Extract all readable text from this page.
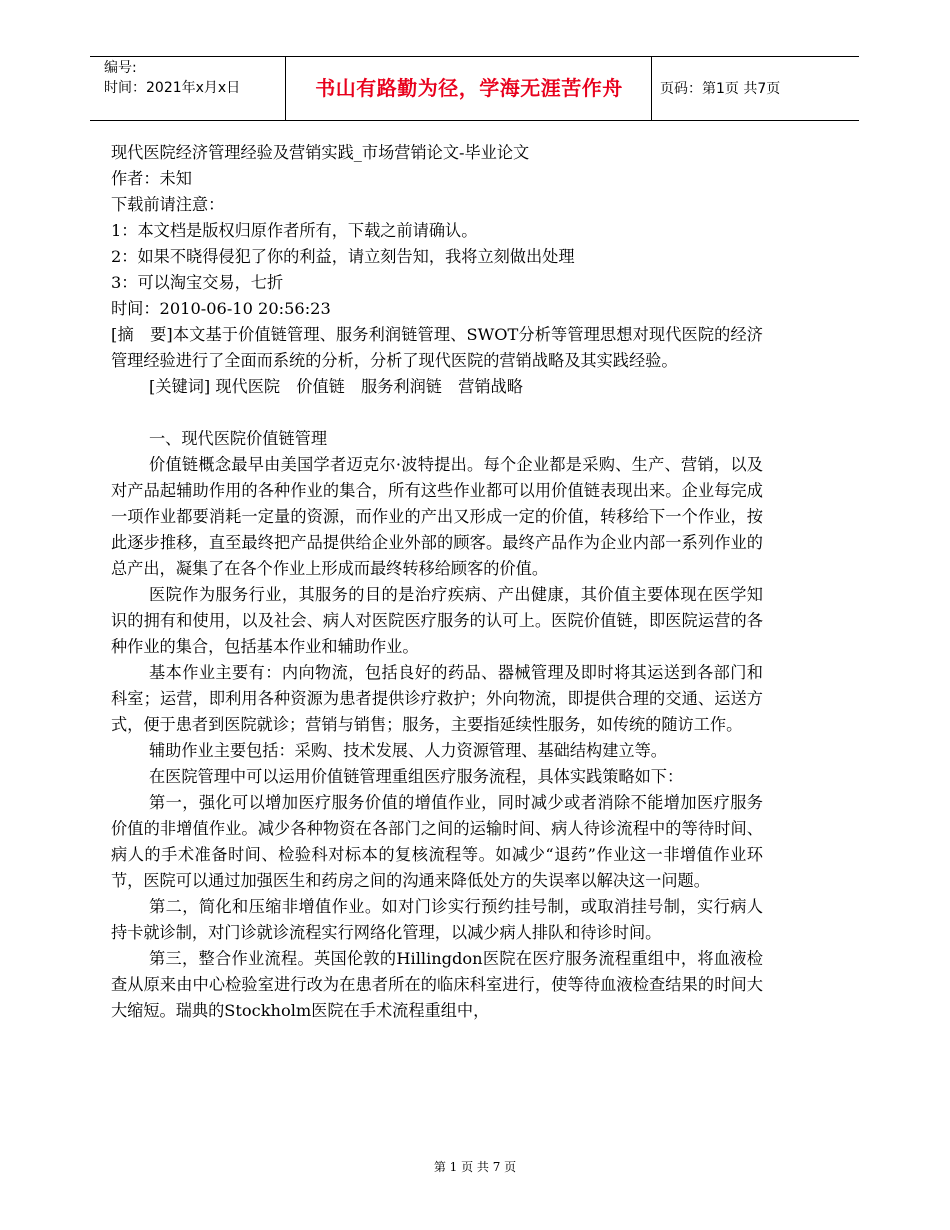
编号:
时间：2021年x月x日	书山有路勤为径，学海无涯苦作舟	页码：第1页 共7页

现代医院经济管理经验及营销实践_市场营销论文-毕业论文

作者：未知

下载前请注意：

1：本文档是版权归原作者所有，下载之前请确认。

2：如果不晓得侵犯了你的利益，请立刻告知，我将立刻做出处理

3：可以淘宝交易，七折

时间：2010-06-10 20:56:23

[摘　要]本文基于价值链管理、服务利润链管理、SWOT分析等管理思想对现代医院的经济管理经验进行了全面而系统的分析，分析了现代医院的营销战略及其实践经验。

[关键词] 现代医院　价值链　服务利润链　营销战略

一、现代医院价值链管理

价值链概念最早由美国学者迈克尔·波特提出。每个企业都是采购、生产、营销，以及对产品起辅助作用的各种作业的集合，所有这些作业都可以用价值链表现出来。企业每完成一项作业都要消耗一定量的资源，而作业的产出又形成一定的价值，转移给下一个作业，按此逐步推移，直至最终把产品提供给企业外部的顾客。最终产品作为企业内部一系列作业的总产出，凝集了在各个作业上形成而最终转移给顾客的价值。

医院作为服务行业，其服务的目的是治疗疾病、产出健康，其价值主要体现在医学知识的拥有和使用，以及社会、病人对医院医疗服务的认可上。医院价值链，即医院运营的各种作业的集合，包括基本作业和辅助作业。

基本作业主要有：内向物流，包括良好的药品、器械管理及即时将其运送到各部门和科室；运营，即利用各种资源为患者提供诊疗救护；外向物流，即提供合理的交通、运送方式，便于患者到医院就诊；营销与销售；服务，主要指延续性服务，如传统的随访工作。

辅助作业主要包括：采购、技术发展、人力资源管理、基础结构建立等。

在医院管理中可以运用价值链管理重组医疗服务流程，具体实践策略如下：

第一，强化可以增加医疗服务价值的增值作业，同时减少或者消除不能增加医疗服务价值的非增值作业。减少各种物资在各部门之间的运输时间、病人待诊流程中的等待时间、病人的手术准备时间、检验科对标本的复核流程等。如减少“退药”作业这一非增值作业环节，医院可以通过加强医生和药房之间的沟通来降低处方的失误率以解决这一问题。

第二，简化和压缩非增值作业。如对门诊实行预约挂号制，或取消挂号制，实行病人持卡就诊制，对门诊就诊流程实行网络化管理，以减少病人排队和待诊时间。

第三，整合作业流程。英国伦敦的Hillingdon医院在医疗服务流程重组中，将血液检查从原来由中心检验室进行改为在患者所在的临床科室进行，使等待血液检查结果的时间大大缩短。瑞典的Stockholm医院在手术流程重组中，

第 1 页 共 7 页
